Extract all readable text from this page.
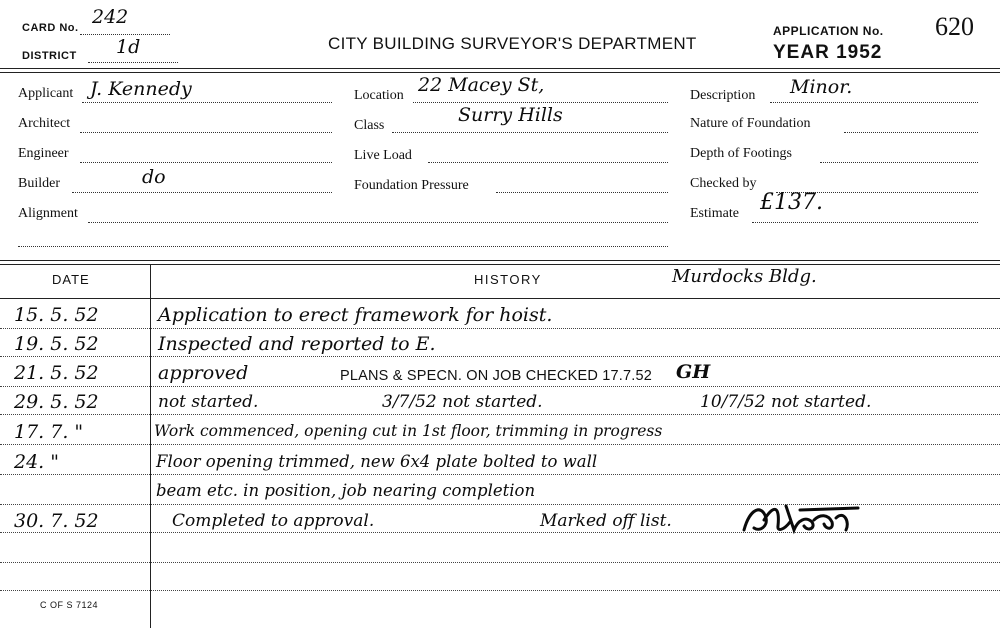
CARD No. 242
DISTRICT 1d	CITY BUILDING SURVEYOR'S DEPARTMENT
APPLICATION No. 620
YEAR 1952
Applicant J. Kennedy
Architect
Engineer
Builder	do
Alignment
Location 22 Macey St,
Class	Surry Hills
Live Load
Foundation Pressure
Description Minor.
Nature of Foundation
Depth of Footings
Checked by
Estimate £137.
DATE	HISTORY	Murdocks Bldg.
15. 5. 52	Application to erect framework for hoist.
19. 5. 52	Inspected and reported to E.
21. 5. 52	approved	PLANS & SPECN. ON JOB CHECKED 17.7.52 GH
29. 5. 52	not started.	3/7/52 not started.	10/7/52 not started.
17. 7. "	Work commenced, opening cut in 1st floor, trimming in progress
24. "	Floor opening trimmed, new 6x4 plate bolted to wall
beam etc. in position, job nearing completion
30. 7. 52	Completed to approval.	Marked off list.
C OF S 7124
